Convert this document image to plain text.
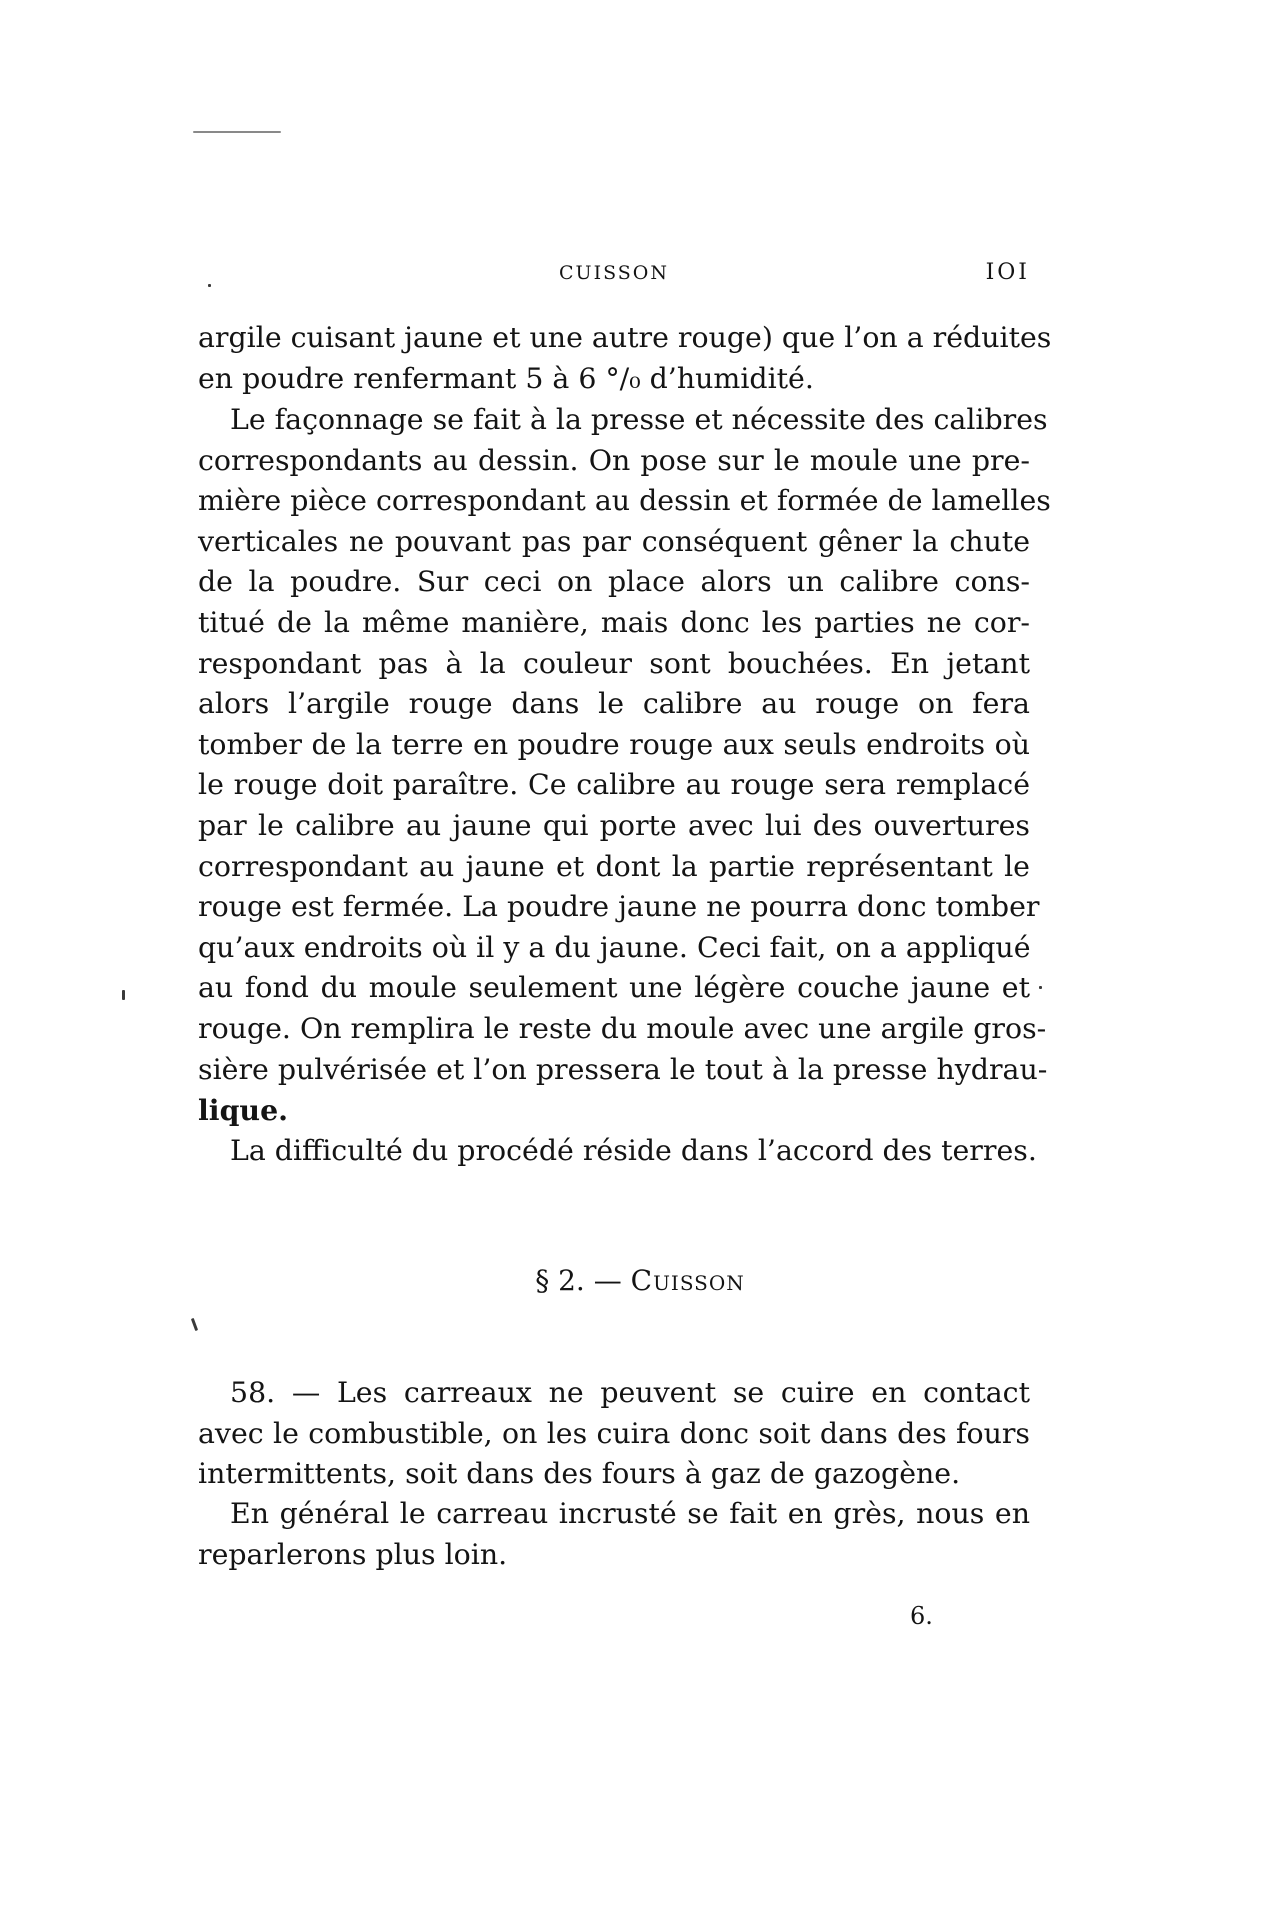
CUISSON	IOI
argile cuisant jaune et une autre rouge) que l’on a réduites
en poudre renfermant 5 à 6 °/₀ d’humidité.
Le façonnage se fait à la presse et nécessite des calibres
correspondants au dessin. On pose sur le moule une pre-
mière pièce correspondant au dessin et formée de lamelles
verticales ne pouvant pas par conséquent gêner la chute
de la poudre. Sur ceci on place alors un calibre cons-
titué de la même manière, mais donc les parties ne cor-
respondant pas à la couleur sont bouchées. En jetant
alors l’argile rouge dans le calibre au rouge on fera
tomber de la terre en poudre rouge aux seuls endroits où
le rouge doit paraître. Ce calibre au rouge sera remplacé
par le calibre au jaune qui porte avec lui des ouvertures
correspondant au jaune et dont la partie représentant le
rouge est fermée. La poudre jaune ne pourra donc tomber
qu’aux endroits où il y a du jaune. Ceci fait, on a appliqué
au fond du moule seulement une légère couche jaune et
rouge. On remplira le reste du moule avec une argile gros-
sière pulvérisée et l’on pressera le tout à la presse hydrau-
lique.
La difficulté du procédé réside dans l’accord des terres.
§ 2. — Cuisson
58. — Les carreaux ne peuvent se cuire en contact
avec le combustible, on les cuira donc soit dans des fours
intermittents, soit dans des fours à gaz de gazogène.
En général le carreau incrusté se fait en grès, nous en
reparlerons plus loin.
6.
